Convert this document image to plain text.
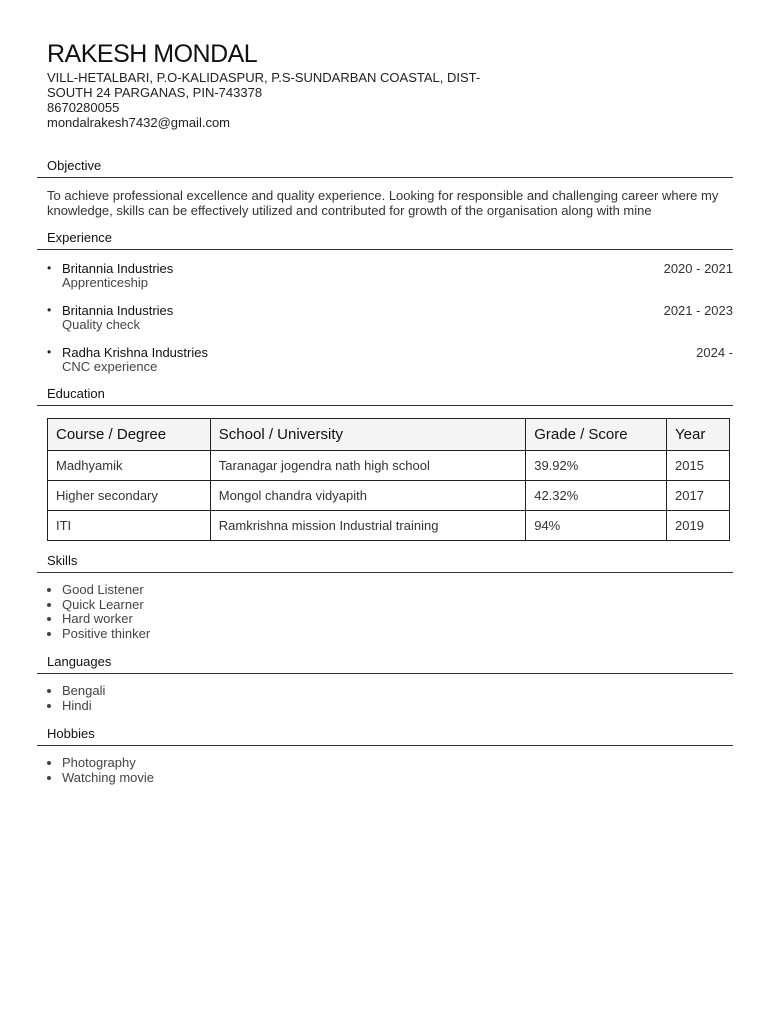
RAKESH MONDAL

VILL-HETALBARI, P.O-KALIDASPUR, P.S-SUNDARBAN COASTAL, DIST-

SOUTH 24 PARGANAS, PIN-743378

8670280055

mondalrakesh7432@gmail.com

Objective

To achieve professional excellence and quality experience. Looking for responsible and challenging career where my knowledge, skills can be effectively utilized and contributed for growth of the organisation along with mine

Experience
• Britannia Industries
Apprenticeship
2020 - 2021
• Britannia Industries
Quality check
2021 - 2023
• Radha Krishna Industries
CNC experience
2024 -
Education
Course / Degree	School / University	Grade / Score	Year
Madhyamik	Taranagar jogendra nath high school	39.92%	2015
Higher secondary	Mongol chandra vidyapith	42.32%	2017
ITI	Ramkrishna mission Industrial training	94%	2019
Skills
• Good Listener
• Quick Learner
• Hard worker
• Positive thinker
Languages
• Bengali
• Hindi
Hobbies
• Photography
• Watching movie
